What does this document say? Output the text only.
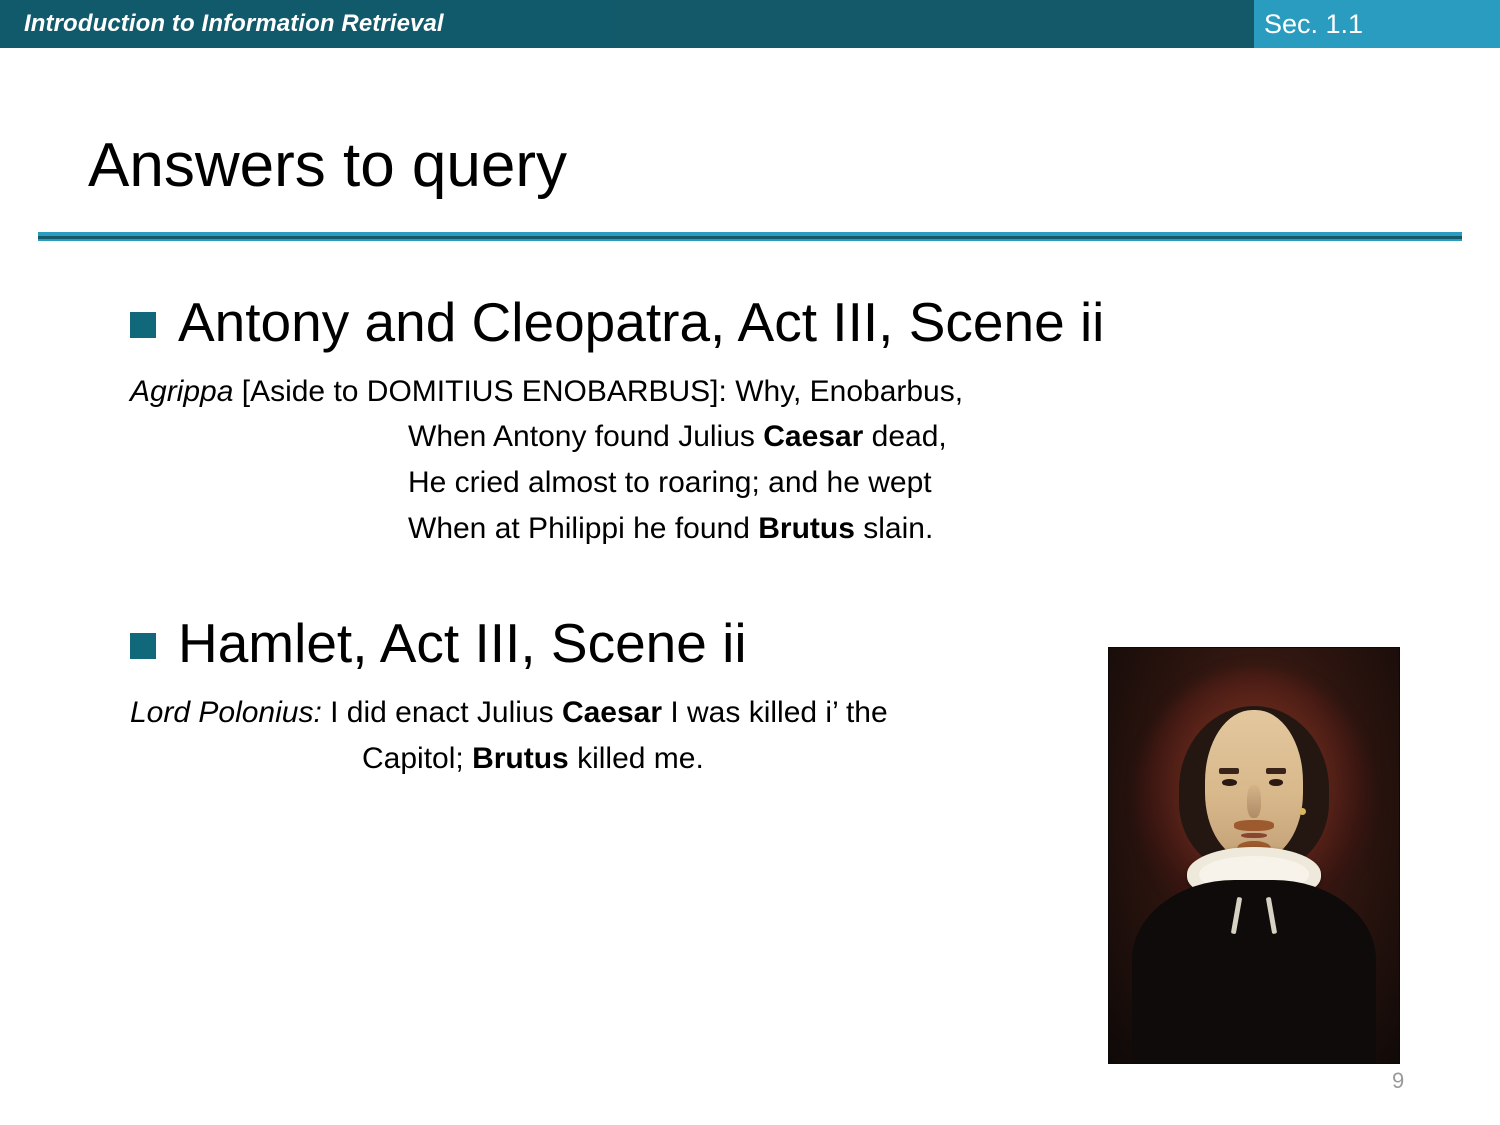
Introduction to Information Retrieval	Sec. 1.1
Answers to query
Antony and Cleopatra, Act III, Scene ii
Agrippa [Aside to DOMITIUS ENOBARBUS]: Why, Enobarbus,
When Antony found Julius Caesar dead,
He cried almost to roaring; and he wept
When at Philippi he found Brutus slain.
Hamlet, Act III, Scene ii
Lord Polonius: I did enact Julius Caesar I was killed i’ the
Capitol; Brutus killed me.
9
